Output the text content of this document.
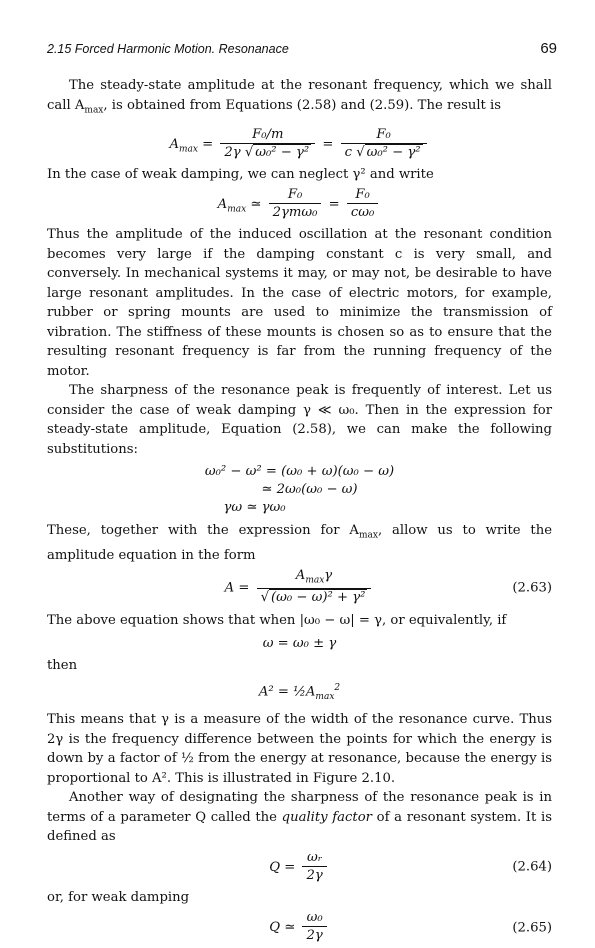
2.15 Forced Harmonic Motion. Resonanace	69

The steady-state amplitude at the resonant frequency, which we shall call $A_{max}$, is obtained from Equations (2.58) and (2.59). The result is

$A_{max} = \frac{\text{F₀/m}}{\text{2γ √ ω₀² − γ²}} = \frac{\text{F₀}}{\text{c √ ω₀² − γ²}}$

In the case of weak damping, we can neglect γ² and write

$A_{max}$ ≃ $\frac{\text{F₀}}{\text{2γmω₀}} = \frac{\text{F₀}}{\text{cω₀}}$

Thus the amplitude of the induced oscillation at the resonant condition becomes very large if the damping constant c is very small, and conversely. In mechanical systems it may, or may not, be desirable to have large resonant amplitudes. In the case of electric motors, for example, rubber or spring mounts are used to minimize the transmission of vibration. The stiffness of these mounts is chosen so as to ensure that the resulting resonant frequency is far from the running frequency of the motor.

The sharpness of the resonance peak is frequently of interest. Let us consider the case of weak damping γ ≪ ω₀. Then in the expression for steady-state amplitude, Equation (2.58), we can make the following substitutions:

ω₀² − ω² = (ω₀ + ω)(ω₀ − ω)
≃ 2ω₀(ω₀ − ω)
γω ≃ γω₀

These, together with the expression for $A_{max}$, allow us to write the amplitude equation in the form

$A = \frac{A_{max}\gamma}{\text{√ (ω₀ − ω)² + γ²}}$	(2.63)

The above equation shows that when |ω₀ − ω| = γ, or equivalently, if

ω = ω₀ ± γ

then

$A^2 = \frac{1}{2}A_{max}^2$

This means that γ is a measure of the width of the resonance curve. Thus 2γ is the frequency difference between the points for which the energy is down by a factor of ½ from the energy at resonance, because the energy is proportional to A². This is illustrated in Figure 2.10.

Another way of designating the sharpness of the resonance peak is in terms of a parameter Q called the quality factor of a resonant system. It is defined as

$Q = \frac{\text{ωᵣ}}{2\gamma}$	(2.64)

or, for weak damping

Q ≃ $\frac{\text{ω₀}}{2\gamma}$	(2.65)
